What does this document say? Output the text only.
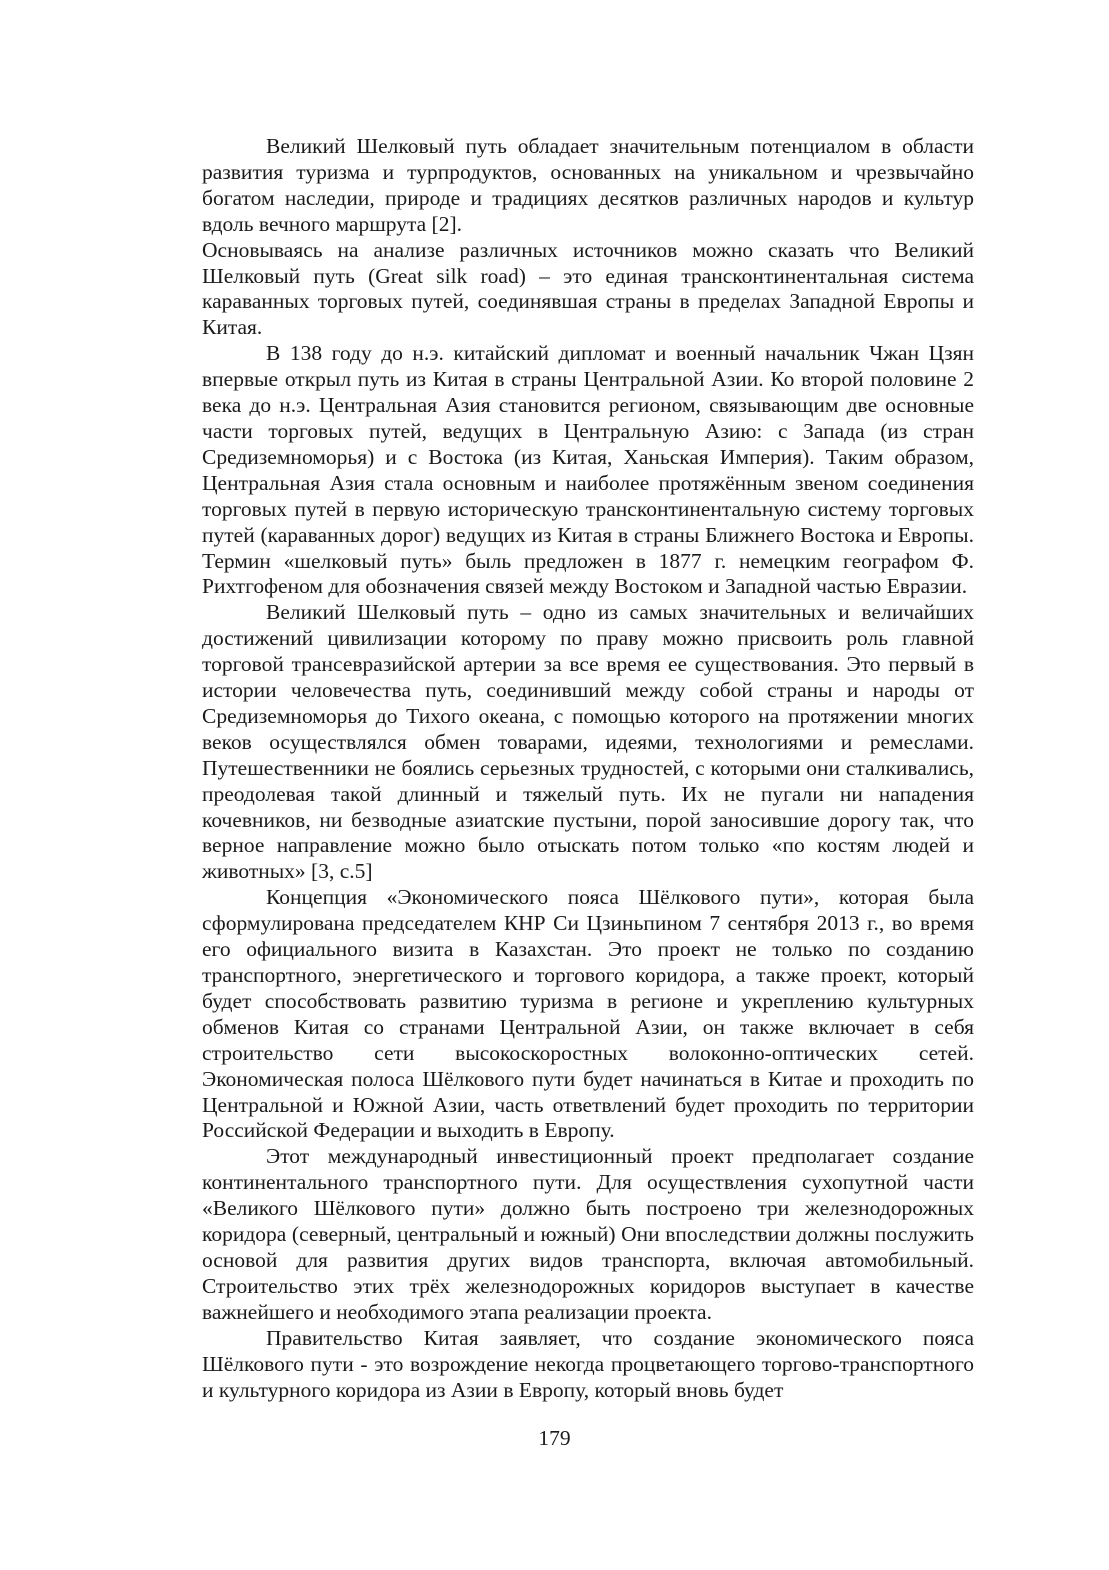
Великий Шелковый путь обладает значительным потенциалом в области развития туризма и турпродуктов, основанных на уникальном и чрезвычайно богатом наследии, природе и традициях десятков различных народов и культур вдоль вечного маршрута [2].

Основываясь на анализе различных источников можно сказать что Великий Шелковый путь (Great silk road) – это единая трансконтинентальная система караванных торговых путей, соединявшая страны в пределах Западной Европы и Китая.

В 138 году до н.э. китайский дипломат и военный начальник Чжан Цзян впервые открыл путь из Китая в страны Центральной Азии. Ко второй половине 2 века до н.э. Центральная Азия становится регионом, связывающим две основные части торговых путей, ведущих в Центральную Азию: с Запада (из стран Средиземноморья) и с Востока (из Китая, Ханьская Империя). Таким образом, Центральная Азия стала основным и наиболее протяжённым звеном соединения торговых путей в первую историческую трансконтинентальную систему торговых путей (караванных дорог) ведущих из Китая в страны Ближнего Востока и Европы. Термин «шелковый путь» быль предложен в 1877 г. немецким географом Ф. Рихтгофеном для обозначения связей между Востоком и Западной частью Евразии.

Великий Шелковый путь – одно из самых значительных и величайших достижений цивилизации которому по праву можно присвоить роль главной торговой трансевразийской артерии за все время ее существования. Это первый в истории человечества путь, соединивший между собой страны и народы от Средиземноморья до Тихого океана, с помощью которого на протяжении многих веков осуществлялся обмен товарами, идеями, технологиями и ремеслами. Путешественники не боялись серьезных трудностей, с которыми они сталкивались, преодолевая такой длинный и тяжелый путь. Их не пугали ни нападения кочевников, ни безводные азиатские пустыни, порой заносившие дорогу так, что верное направление можно было отыскать потом только «по костям людей и животных» [3, с.5]

Концепция «Экономического пояса Шёлкового пути», которая была сформулирована председателем КНР Си Цзиньпином 7 сентября 2013 г., во время его официального визита в Казахстан. Это проект не только по созданию транспортного, энергетического и торгового коридора, а также проект, который будет способствовать развитию туризма в регионе и укреплению культурных обменов Китая со странами Центральной Азии, он также включает в себя строительство сети высокоскоростных волоконно-оптических сетей. Экономическая полоса Шёлкового пути будет начинаться в Китае и проходить по Центральной и Южной Азии, часть ответвлений будет проходить по территории Российской Федерации и выходить в Европу.

Этот международный инвестиционный проект предполагает создание континентального транспортного пути. Для осуществления сухопутной части «Великого Шёлкового пути» должно быть построено три железнодорожных коридора (северный, центральный и южный) Они впоследствии должны послужить основой для развития других видов транспорта, включая автомобильный. Строительство этих трёх железнодорожных коридоров выступает в качестве важнейшего и необходимого этапа реализации проекта.

Правительство Китая заявляет, что создание экономического пояса Шёлкового пути - это возрождение некогда процветающего торгово-транспортного и культурного коридора из Азии в Европу, который вновь будет

179
